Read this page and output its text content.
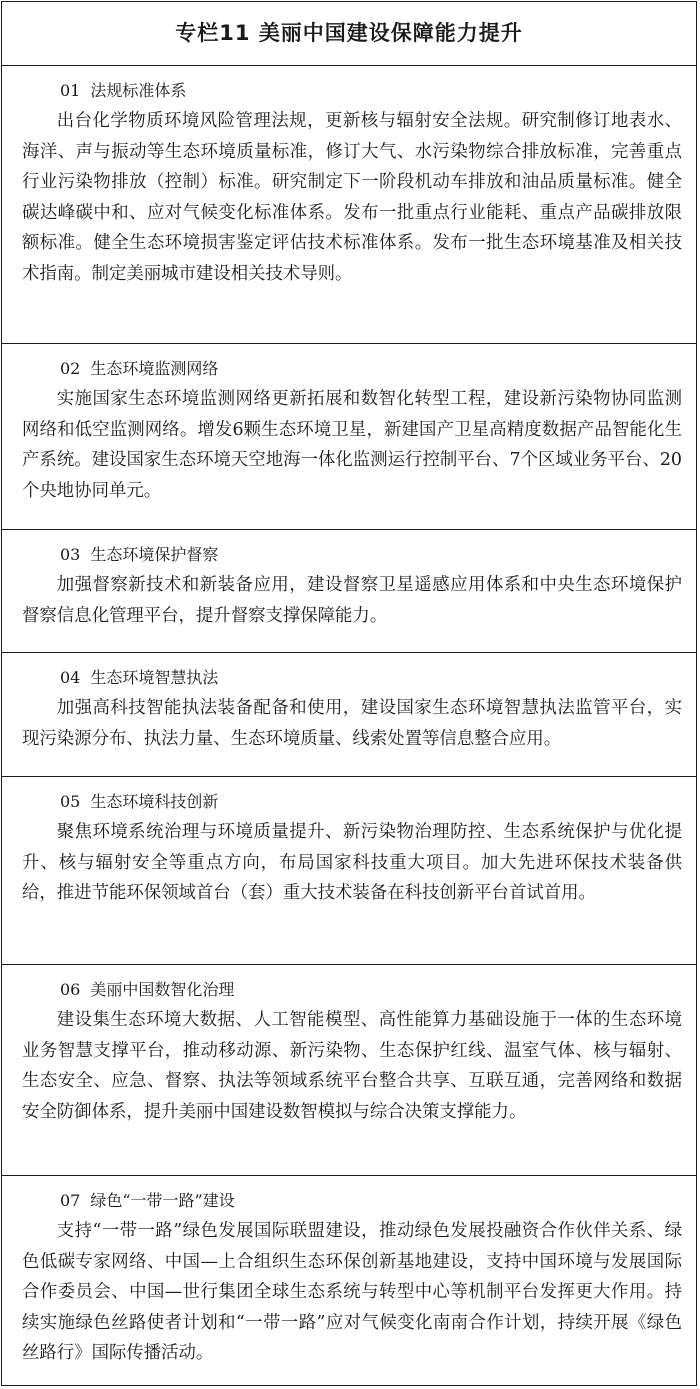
专栏11 美丽中国建设保障能力提升
01 法规标准体系

出台化学物质环境风险管理法规，更新核与辐射安全法规。研究制修订地表水、海洋、声与振动等生态环境质量标准，修订大气、水污染物综合排放标准，完善重点行业污染物排放（控制）标准。研究制定下一阶段机动车排放和油品质量标准。健全碳达峰碳中和、应对气候变化标准体系。发布一批重点行业能耗、重点产品碳排放限额标准。健全生态环境损害鉴定评估技术标准体系。发布一批生态环境基准及相关技术指南。制定美丽城市建设相关技术导则。

02 生态环境监测网络

实施国家生态环境监测网络更新拓展和数智化转型工程，建设新污染物协同监测网络和低空监测网络。增发6颗生态环境卫星，新建国产卫星高精度数据产品智能化生产系统。建设国家生态环境天空地海一体化监测运行控制平台、7个区域业务平台、20个央地协同单元。

03 生态环境保护督察

加强督察新技术和新装备应用，建设督察卫星遥感应用体系和中央生态环境保护督察信息化管理平台，提升督察支撑保障能力。

04 生态环境智慧执法

加强高科技智能执法装备配备和使用，建设国家生态环境智慧执法监管平台，实现污染源分布、执法力量、生态环境质量、线索处置等信息整合应用。

05 生态环境科技创新

聚焦环境系统治理与环境质量提升、新污染物治理防控、生态系统保护与优化提升、核与辐射安全等重点方向，布局国家科技重大项目。加大先进环保技术装备供给，推进节能环保领域首台（套）重大技术装备在科技创新平台首试首用。

06 美丽中国数智化治理

建设集生态环境大数据、人工智能模型、高性能算力基础设施于一体的生态环境业务智慧支撑平台，推动移动源、新污染物、生态保护红线、温室气体、核与辐射、生态安全、应急、督察、执法等领域系统平台整合共享、互联互通，完善网络和数据安全防御体系，提升美丽中国建设数智模拟与综合决策支撑能力。

07 绿色“一带一路”建设

支持“一带一路”绿色发展国际联盟建设，推动绿色发展投融资合作伙伴关系、绿色低碳专家网络、中国—上合组织生态环保创新基地建设，支持中国环境与发展国际合作委员会、中国—世行集团全球生态系统与转型中心等机制平台发挥更大作用。持续实施绿色丝路使者计划和“一带一路”应对气候变化南南合作计划，持续开展《绿色丝路行》国际传播活动。
